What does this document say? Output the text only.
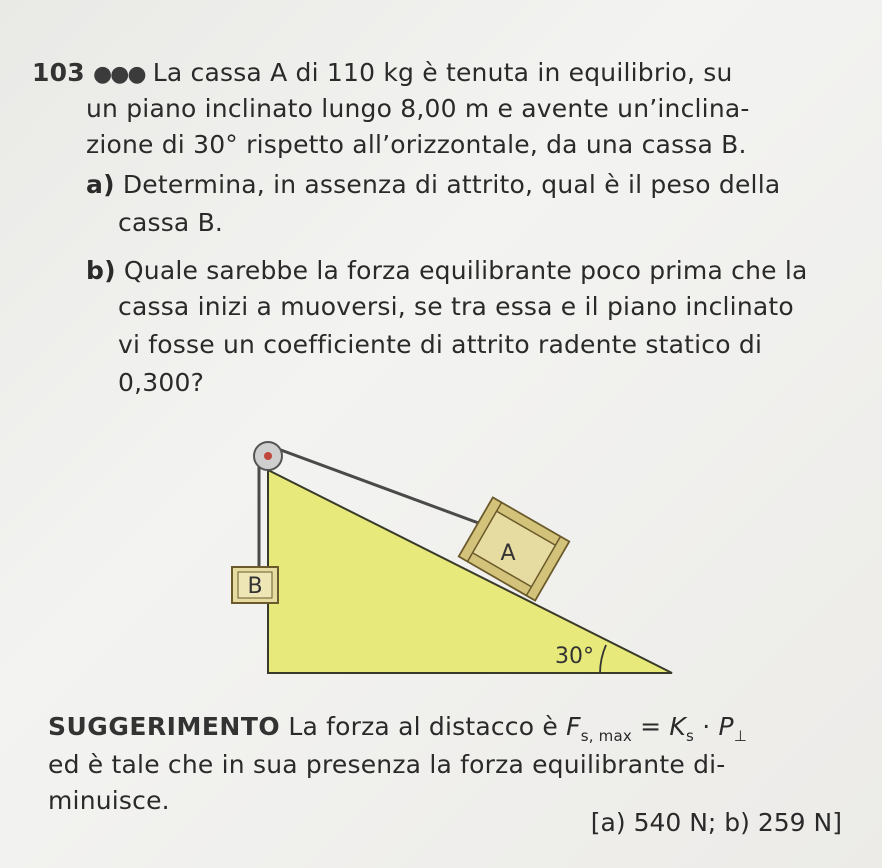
103 ●●● La cassa A di 110 kg è tenuta in equilibrio, su
un piano inclinato lungo 8,00 m e avente un’inclina-
zione di 30° rispetto all’orizzontale, da una cassa B.
a) Determina, in assenza di attrito, qual è il peso della
cassa B.
b) Quale sarebbe la forza equilibrante poco prima che la
cassa inizi a muoversi, se tra essa e il piano inclinato
vi fosse un coefficiente di attrito radente statico di
0,300?
A
B
30°
SUGGERIMENTO La forza al distacco è $F_{s, max} = K_s \cdot P_\perp$
ed è tale che in sua presenza la forza equilibrante di-
minuisce.
[a) 540 N; b) 259 N]
